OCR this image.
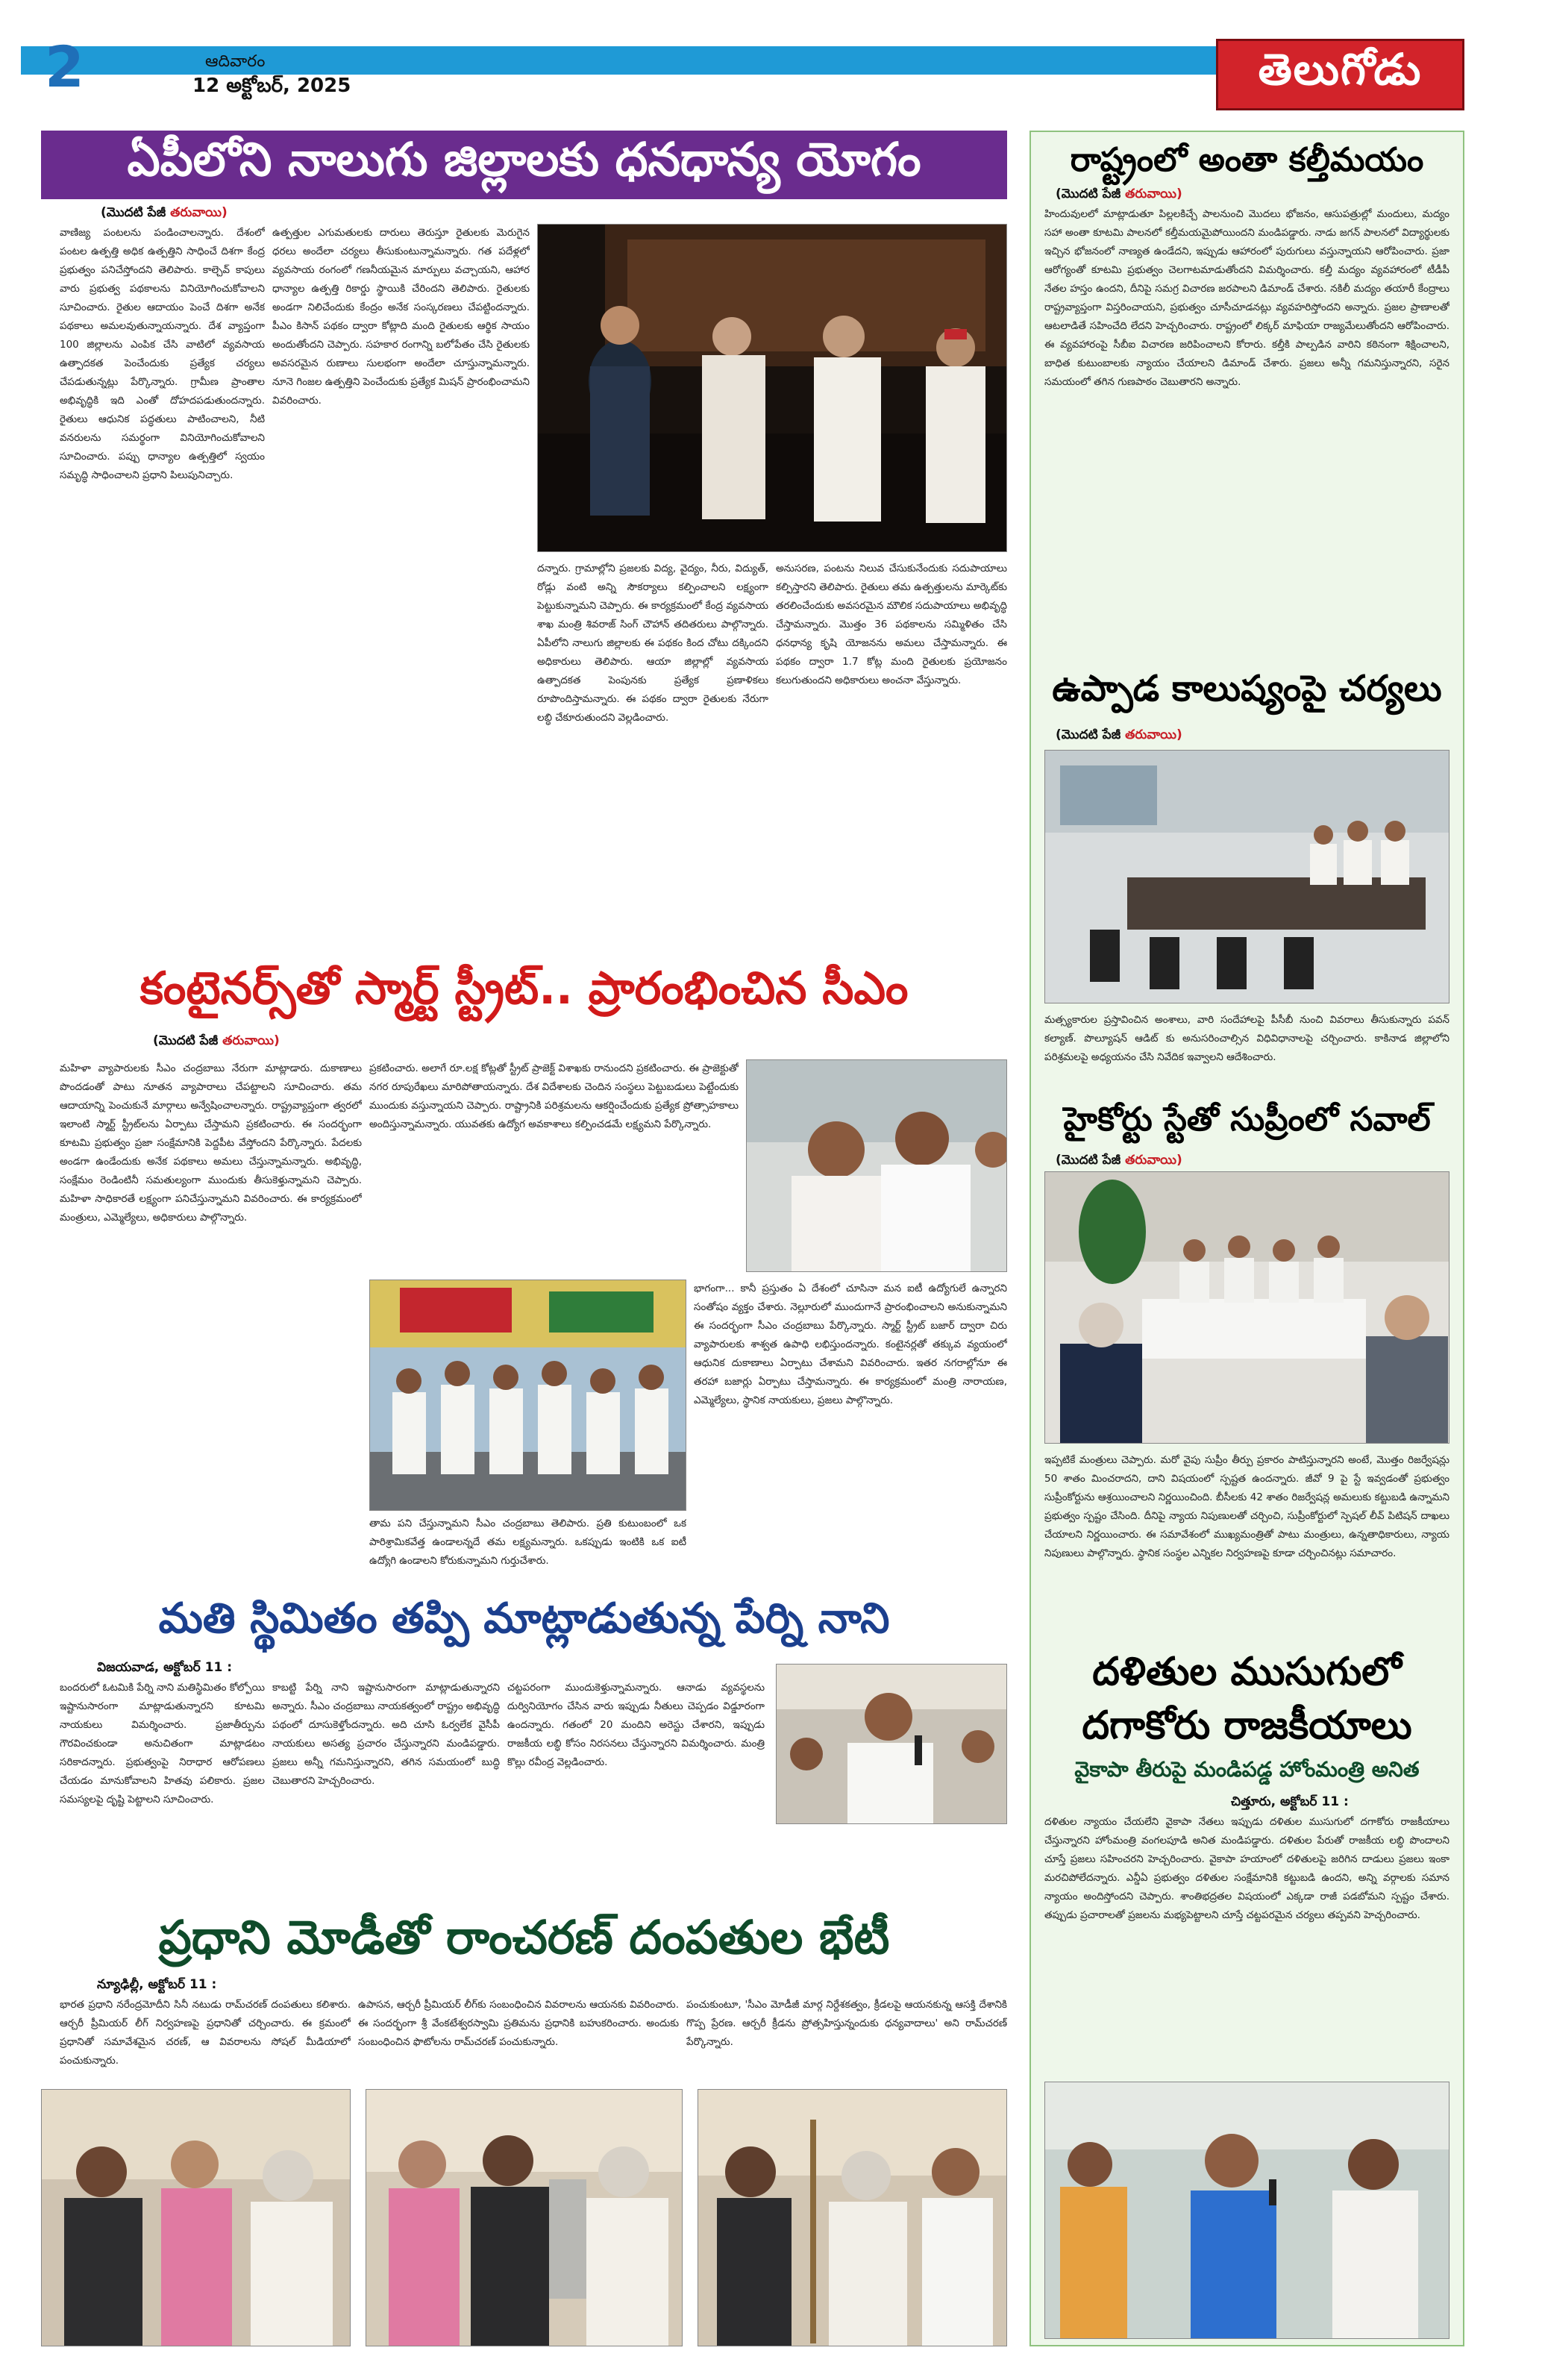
2	ఆదివారం
12 అక్టోబర్, 2025	తెలుగోడు
ఏపీలోని నాలుగు జిల్లాలకు ధనధాన్య యోగం
(మొదటి పేజీ తరువాయి)
వాణిజ్య పంటలను పండించాలన్నారు. దేశంలో పంటల ఉత్పత్తి అధిక ఉత్పత్తిని సాధించే దిశగా కేంద్ర ప్రభుత్వం పనిచేస్తోందని తెలిపారు. కాల్చెవ్ కాపులు వారు ప్రభుత్వ పథకాలను వినియోగించుకోవాలని సూచించారు. రైతుల ఆదాయం పెంచే దిశగా అనేక పథకాలు అమలవుతున్నాయన్నారు. దేశ వ్యాప్తంగా 100 జిల్లాలను ఎంపిక చేసి వాటిలో వ్యవసాయ ఉత్పాదకత పెంచేందుకు ప్రత్యేక చర్యలు చేపడుతున్నట్లు పేర్కొన్నారు. గ్రామీణ ప్రాంతాల అభివృద్ధికి ఇది ఎంతో దోహదపడుతుందన్నారు. రైతులు ఆధునిక పద్ధతులు పాటించాలని, నీటి వనరులను సమర్థంగా వినియోగించుకోవాలని సూచించారు. పప్పు ధాన్యాల ఉత్పత్తిలో స్వయం సమృద్ధి సాధించాలని ప్రధాని పిలుపునిచ్చారు.
ఉత్పత్తుల ఎగుమతులకు దారులు తెరుస్తూ రైతులకు మెరుగైన ధరలు అందేలా చర్యలు తీసుకుంటున్నామన్నారు. గత పదేళ్లలో వ్యవసాయ రంగంలో గణనీయమైన మార్పులు వచ్చాయని, ఆహార ధాన్యాల ఉత్పత్తి రికార్డు స్థాయికి చేరిందని తెలిపారు. రైతులకు అండగా నిలిచేందుకు కేంద్రం అనేక సంస్కరణలు చేపట్టిందన్నారు. పీఎం కిసాన్ పథకం ద్వారా కోట్లాది మంది రైతులకు ఆర్థిక సాయం అందుతోందని చెప్పారు. సహకార రంగాన్ని బలోపేతం చేసి రైతులకు అవసరమైన రుణాలు సులభంగా అందేలా చూస్తున్నామన్నారు. నూనె గింజల ఉత్పత్తిని పెంచేందుకు ప్రత్యేక మిషన్ ప్రారంభించామని వివరించారు.
దన్నారు. గ్రామాల్లోని ప్రజలకు విద్య, వైద్యం, నీరు, విద్యుత్, రోడ్లు వంటి అన్ని సౌకర్యాలు కల్పించాలని లక్ష్యంగా పెట్టుకున్నామని చెప్పారు. ఈ కార్యక్రమంలో కేంద్ర వ్యవసాయ శాఖ మంత్రి శివరాజ్ సింగ్ చౌహాన్ తదితరులు పాల్గొన్నారు. ఏపీలోని నాలుగు జిల్లాలకు ఈ పథకం కింద చోటు దక్కిందని అధికారులు తెలిపారు. ఆయా జిల్లాల్లో వ్యవసాయ ఉత్పాదకత పెంపునకు ప్రత్యేక ప్రణాళికలు రూపొందిస్తామన్నారు. ఈ పథకం ద్వారా రైతులకు నేరుగా లబ్ధి చేకూరుతుందని వెల్లడించారు.
అనుసరణ, పంటను నిలువ చేసుకునేందుకు సదుపాయాలు కల్పిస్తారని తెలిపారు. రైతులు తమ ఉత్పత్తులను మార్కెట్‌కు తరలించేందుకు అవసరమైన మౌలిక సదుపాయాలు అభివృద్ధి చేస్తామన్నారు. మొత్తం 36 పథకాలను సమ్మిళితం చేసి ధనధాన్య కృషి యోజనను అమలు చేస్తామన్నారు. ఈ పథకం ద్వారా 1.7 కోట్ల మంది రైతులకు ప్రయోజనం కలుగుతుందని అధికారులు అంచనా వేస్తున్నారు.
కంటైనర్స్‌తో స్మార్ట్ స్ట్రీట్.. ప్రారంభించిన సీఎం
(మొదటి పేజీ తరువాయి)
మహిళా వ్యాపారులకు సీఎం చంద్రబాబు నేరుగా మాట్లాడారు. దుకాణాలు పొందడంతో పాటు నూతన వ్యాపారాలు చేపట్టాలని సూచించారు. తమ ఆదాయాన్ని పెంచుకునే మార్గాలు అన్వేషించాలన్నారు. రాష్ట్రవ్యాప్తంగా త్వరలో ఇలాంటి స్మార్ట్ స్ట్రీట్‌లను ఏర్పాటు చేస్తామని ప్రకటించారు. ఈ సందర్భంగా కూటమి ప్రభుత్వం ప్రజా సంక్షేమానికి పెద్దపీట వేస్తోందని పేర్కొన్నారు. పేదలకు అండగా ఉండేందుకు అనేక పథకాలు అమలు చేస్తున్నామన్నారు. అభివృద్ధి, సంక్షేమం రెండింటినీ సమతుల్యంగా ముందుకు తీసుకెళ్తున్నామని చెప్పారు. మహిళా సాధికారతే లక్ష్యంగా పనిచేస్తున్నామని వివరించారు. ఈ కార్యక్రమంలో మంత్రులు, ఎమ్మెల్యేలు, అధికారులు పాల్గొన్నారు.
ప్రకటించారు. అలాగే రూ.లక్ష కోట్లతో స్ట్రీట్ ప్రాజెక్ట్ విశాఖకు రానుందని ప్రకటించారు. ఈ ప్రాజెక్టుతో నగర రూపురేఖలు మారిపోతాయన్నారు. దేశ విదేశాలకు చెందిన సంస్థలు పెట్టుబడులు పెట్టేందుకు ముందుకు వస్తున్నాయని చెప్పారు. రాష్ట్రానికి పరిశ్రమలను ఆకర్షించేందుకు ప్రత్యేక ప్రోత్సాహకాలు అందిస్తున్నామన్నారు. యువతకు ఉద్యోగ అవకాశాలు కల్పించడమే లక్ష్యమని పేర్కొన్నారు.
భాగంగా... కానీ ప్రస్తుతం ఏ దేశంలో చూసినా మన ఐటీ ఉద్యోగులే ఉన్నారని సంతోషం వ్యక్తం చేశారు. నెల్లూరులో ముందుగానే ప్రారంభించాలని అనుకున్నామని ఈ సందర్భంగా సీఎం చంద్రబాబు పేర్కొన్నారు. స్మార్ట్ స్ట్రీట్ బజార్ ద్వారా చిరు వ్యాపారులకు శాశ్వత ఉపాధి లభిస్తుందన్నారు. కంటైనర్లతో తక్కువ వ్యయంలో ఆధునిక దుకాణాలు ఏర్పాటు చేశామని వివరించారు. ఇతర నగరాల్లోనూ ఈ తరహా బజార్లు ఏర్పాటు చేస్తామన్నారు. ఈ కార్యక్రమంలో మంత్రి నారాయణ, ఎమ్మెల్యేలు, స్థానిక నాయకులు, ప్రజలు పాల్గొన్నారు.
తామ పని చేస్తున్నామని సీఎం చంద్రబాబు తెలిపారు. ప్రతి కుటుంబంలో ఒక పారిశ్రామికవేత్త ఉండాలన్నదే తమ లక్ష్యమన్నారు. ఒకప్పుడు ఇంటికి ఒక ఐటీ ఉద్యోగి ఉండాలని కోరుకున్నామని గుర్తుచేశారు.
మతి స్థిమితం తప్పి మాట్లాడుతున్న పేర్ని నాని
విజయవాడ, అక్టోబర్ 11 :
బందరులో ఓటమికి పేర్ని నాని మతిస్థిమితం కోల్పోయి ఇష్టానుసారంగా మాట్లాడుతున్నారని కూటమి నాయకులు విమర్శించారు. ప్రజాతీర్పును గౌరవించకుండా అనుచితంగా మాట్లాడటం సరికాదన్నారు. ప్రభుత్వంపై నిరాధార ఆరోపణలు చేయడం మానుకోవాలని హితవు పలికారు. ప్రజల సమస్యలపై దృష్టి పెట్టాలని సూచించారు.
కాబట్టి పేర్ని నాని ఇష్టానుసారంగా మాట్లాడుతున్నారని అన్నారు. సీఎం చంద్రబాబు నాయకత్వంలో రాష్ట్రం అభివృద్ధి పథంలో దూసుకెళ్తోందన్నారు. అది చూసి ఓర్వలేక వైసీపీ నాయకులు అసత్య ప్రచారం చేస్తున్నారని మండిపడ్డారు. ప్రజలు అన్నీ గమనిస్తున్నారని, తగిన సమయంలో బుద్ధి చెబుతారని హెచ్చరించారు.
చట్టపరంగా ముందుకెళ్తున్నామన్నారు. ఆనాడు వ్యవస్థలను దుర్వినియోగం చేసిన వారు ఇప్పుడు నీతులు చెప్పడం విడ్డూరంగా ఉందన్నారు. గతంలో 20 మందిని అరెస్టు చేశారని, ఇప్పుడు రాజకీయ లబ్ధి కోసం నిరసనలు చేస్తున్నారని విమర్శించారు. మంత్రి కొల్లు రవీంద్ర వెల్లడించారు.
ప్రధాని మోడీతో రాంచరణ్ దంపతుల భేటీ
న్యూఢిల్లీ, అక్టోబర్ 11 :
భారత ప్రధాని నరేంద్రమోదీని సినీ నటుడు రామ్‌చరణ్ దంపతులు కలిశారు. ఆర్చరీ ప్రీమియర్ లీగ్ నిర్వహణపై ప్రధానితో చర్చించారు. ఈ క్రమంలో ప్రధానితో సమావేశమైన చరణ్, ఆ వివరాలను సోషల్ మీడియాలో పంచుకున్నారు.
ఉపాసన, ఆర్చరీ ప్రీమియర్ లీగ్‌కు సంబంధించిన వివరాలను ఆయనకు వివరించారు. ఈ సందర్భంగా శ్రీ వేంకటేశ్వరస్వామి ప్రతిమను ప్రధానికి బహుకరించారు. అందుకు సంబంధించిన ఫొటోలను రామ్‌చరణ్ పంచుకున్నారు.
పంచుకుంటూ, 'సీఎం మోడీజీ మార్గ నిర్దేశకత్వం, క్రీడలపై ఆయనకున్న ఆసక్తి దేశానికి గొప్ప ప్రేరణ. ఆర్చరీ క్రీడను ప్రోత్సహిస్తున్నందుకు ధన్యవాదాలు' అని రామ్‌చరణ్ పేర్కొన్నారు.
రాష్ట్రంలో అంతా కల్తీమయం
(మొదటి పేజీ తరువాయి)
హిందువులలో మాట్లాడుతూ పిల్లలకిచ్చే పాలనుంచి మొదలు భోజనం, ఆసుపత్రుల్లో మందులు, మద్యం సహా అంతా కూటమి పాలనలో కల్తీమయమైపోయిందని మండిపడ్డారు. నాడు జగన్ పాలనలో విద్యార్థులకు ఇచ్చిన భోజనంలో నాణ్యత ఉండేదని, ఇప్పుడు ఆహారంలో పురుగులు వస్తున్నాయని ఆరోపించారు. ప్రజా ఆరోగ్యంతో కూటమి ప్రభుత్వం చెలగాటమాడుతోందని విమర్శించారు. కల్తీ మద్యం వ్యవహారంలో టీడీపీ నేతల హస్తం ఉందని, దీనిపై సమగ్ర విచారణ జరపాలని డిమాండ్ చేశారు. నకిలీ మద్యం తయారీ కేంద్రాలు రాష్ట్రవ్యాప్తంగా విస్తరించాయని, ప్రభుత్వం చూసీచూడనట్లు వ్యవహరిస్తోందని అన్నారు. ప్రజల ప్రాణాలతో ఆటలాడితే సహించేది లేదని హెచ్చరించారు. రాష్ట్రంలో లిక్కర్ మాఫియా రాజ్యమేలుతోందని ఆరోపించారు. ఈ వ్యవహారంపై సీబీఐ విచారణ జరిపించాలని కోరారు. కల్తీకి పాల్పడిన వారిని కఠినంగా శిక్షించాలని, బాధిత కుటుంబాలకు న్యాయం చేయాలని డిమాండ్ చేశారు. ప్రజలు అన్నీ గమనిస్తున్నారని, సరైన సమయంలో తగిన గుణపాఠం చెబుతారని అన్నారు.
ఉప్పాడ కాలుష్యంపై చర్యలు
(మొదటి పేజీ తరువాయి)
మత్స్యకారుల ప్రస్తావించిన అంశాలు, వారి సందేహాలపై పీసీబీ నుంచి వివరాలు తీసుకున్నారు పవన్ కల్యాణ్. పొల్యూషన్ ఆడిట్ కు అనుసరించాల్సిన విధివిధానాలపై చర్చించారు. కాకినాడ జిల్లాలోని పరిశ్రమలపై అధ్యయనం చేసి నివేదిక ఇవ్వాలని ఆదేశించారు.
హైకోర్టు స్టేతో సుప్రీంలో సవాల్
(మొదటి పేజీ తరువాయి)
ఇప్పటికే మంత్రులు చెప్పారు. మరో వైపు సుప్రీం తీర్పు ప్రకారం పాటిస్తున్నారని అంటే, మొత్తం రిజర్వేషన్లు 50 శాతం మించరాదని, దాని విషయంలో స్పష్టత ఉందన్నారు. జీవో 9 పై స్టే ఇవ్వడంతో ప్రభుత్వం సుప్రీంకోర్టును ఆశ్రయించాలని నిర్ణయించింది. బీసీలకు 42 శాతం రిజర్వేషన్ల అమలుకు కట్టుబడి ఉన్నామని ప్రభుత్వం స్పష్టం చేసింది. దీనిపై న్యాయ నిపుణులతో చర్చించి, సుప్రీంకోర్టులో స్పెషల్ లీవ్ పిటిషన్ దాఖలు చేయాలని నిర్ణయించారు. ఈ సమావేశంలో ముఖ్యమంత్రితో పాటు మంత్రులు, ఉన్నతాధికారులు, న్యాయ నిపుణులు పాల్గొన్నారు. స్థానిక సంస్థల ఎన్నికల నిర్వహణపై కూడా చర్చించినట్లు సమాచారం.
దళితుల ముసుగులో దగాకోరు రాజకీయాలు
వైకాపా తీరుపై మండిపడ్డ హోంమంత్రి అనిత
చిత్తూరు, అక్టోబర్ 11 :
దళితుల న్యాయం చేయలేని వైకాపా నేతలు ఇప్పుడు దళితుల ముసుగులో దగాకోరు రాజకీయాలు చేస్తున్నారని హోంమంత్రి వంగలపూడి అనిత మండిపడ్డారు. దళితుల పేరుతో రాజకీయ లబ్ధి పొందాలని చూస్తే ప్రజలు సహించరని హెచ్చరించారు. వైకాపా హయాంలో దళితులపై జరిగిన దాడులు ప్రజలు ఇంకా మరచిపోలేదన్నారు. ఎన్డీఏ ప్రభుత్వం దళితుల సంక్షేమానికి కట్టుబడి ఉందని, అన్ని వర్గాలకు సమాన న్యాయం అందిస్తోందని చెప్పారు. శాంతిభద్రతల విషయంలో ఎక్కడా రాజీ పడబోమని స్పష్టం చేశారు. తప్పుడు ప్రచారాలతో ప్రజలను మభ్యపెట్టాలని చూస్తే చట్టపరమైన చర్యలు తప్పవని హెచ్చరించారు.
